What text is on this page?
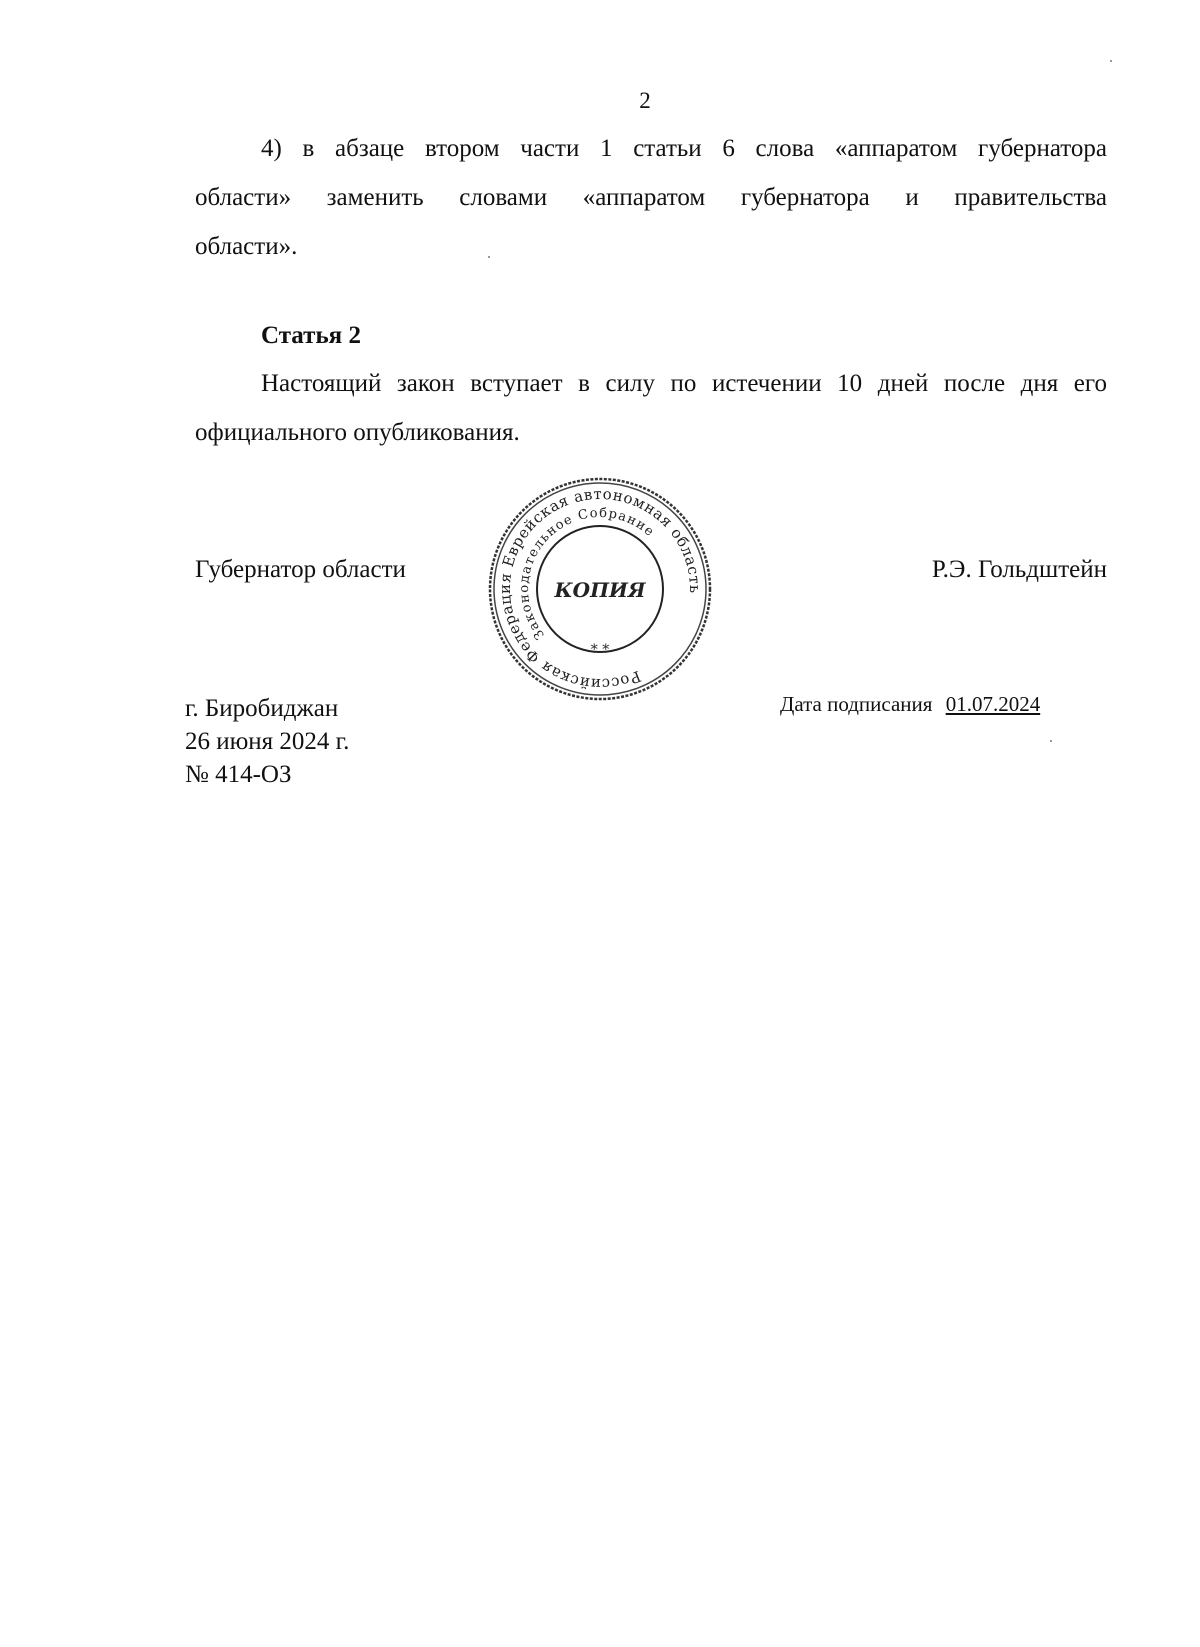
2
4) в абзаце втором части 1 статьи 6 слова «аппаратом губернатора
области» заменить словами «аппаратом губернатора и правительства
области».
Статья 2
Настоящий закон вступает в силу по истечении 10 дней после дня его
официального опубликования.
Губернатор области
Российская Федерация Еврейская автономная область
Законодательное Собрание
* *
КОПИЯ
Р.Э. Гольдштейн
г. Биробиджан
26 июня 2024 г.
№ 414-ОЗ
Дата подписания 01.07.2024
